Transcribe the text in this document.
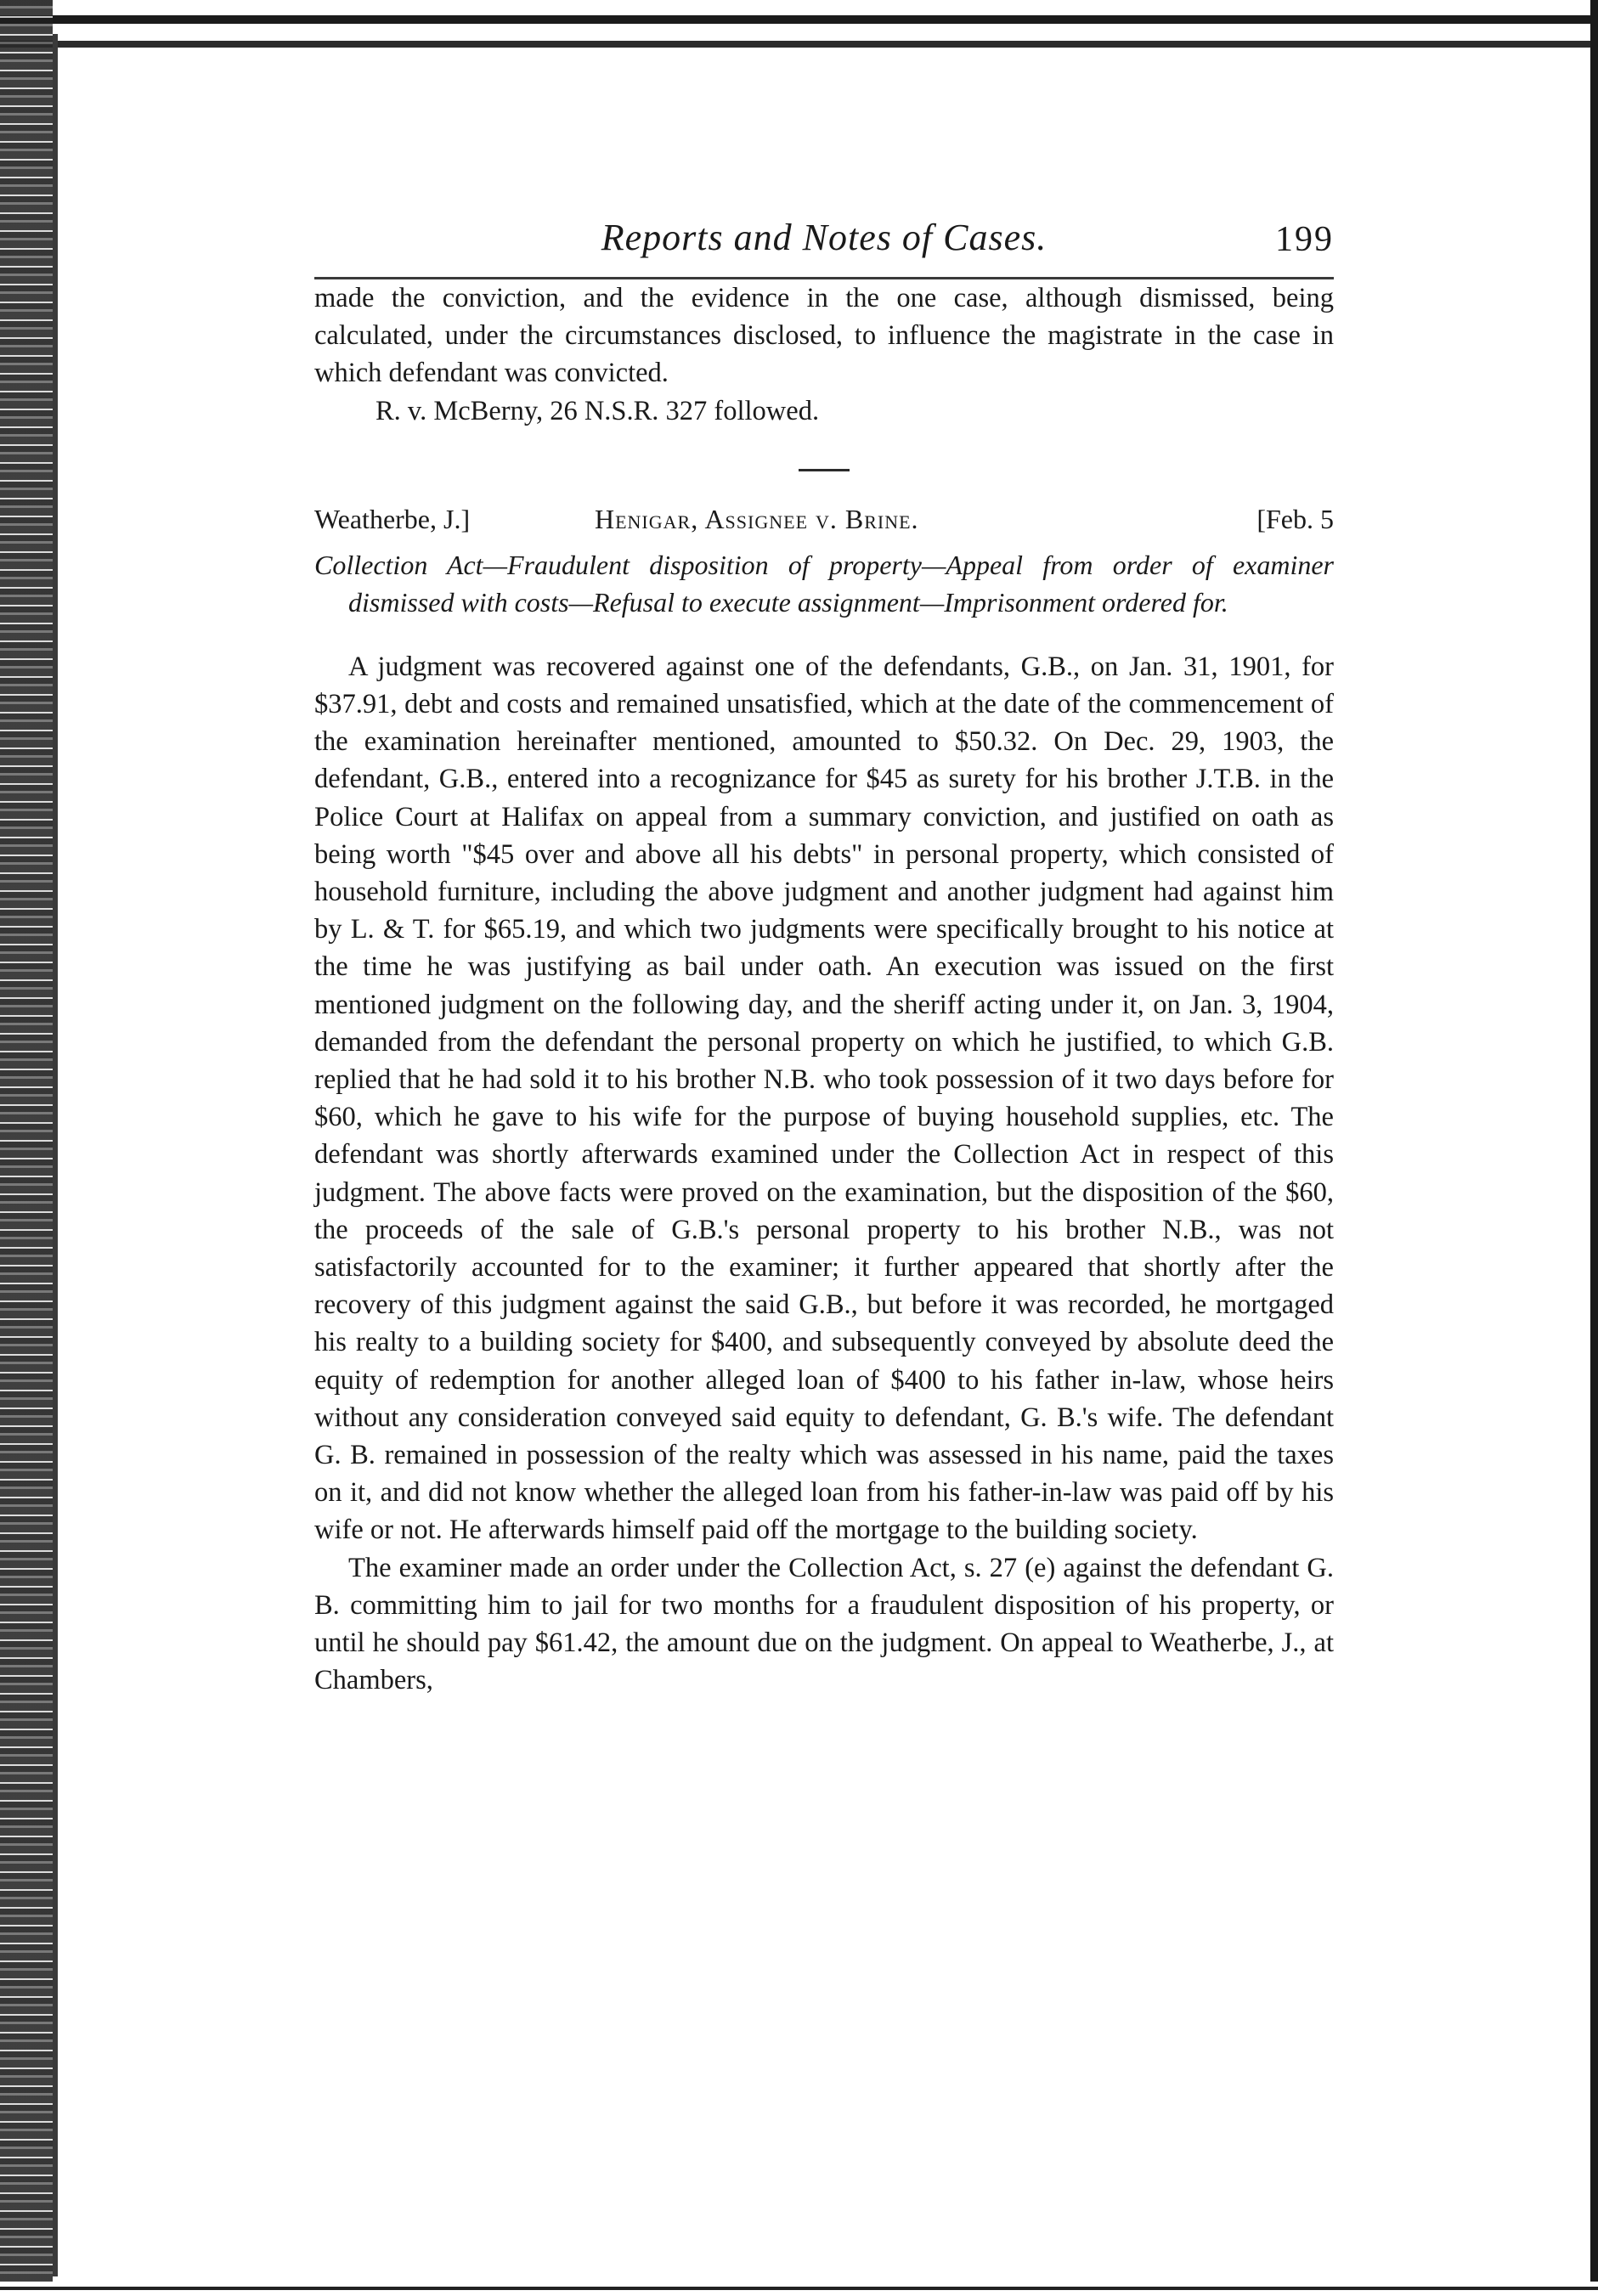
Reports and Notes of Cases.	199

made the conviction, and the evidence in the one case, although dismissed, being calculated, under the circumstances disclosed, to influence the magistrate in the case in which defendant was convicted.

R. v. McBerny, 26 N.S.R. 327 followed.

Weatherbe, J.]	Henigar, Assignee v. Brine.	[Feb. 5

Collection Act—Fraudulent disposition of property—Appeal from order of examiner dismissed with costs—Refusal to execute assignment—Imprisonment ordered for.

A judgment was recovered against one of the defendants, G.B., on Jan. 31, 1901, for $37.91, debt and costs and remained unsatisfied, which at the date of the commencement of the examination hereinafter mentioned, amounted to $50.32. On Dec. 29, 1903, the defendant, G.B., entered into a recognizance for $45 as surety for his brother J.T.B. in the Police Court at Halifax on appeal from a summary conviction, and justified on oath as being worth "$45 over and above all his debts" in personal property, which consisted of household furniture, including the above judgment and another judgment had against him by L. & T. for $65.19, and which two judgments were specifically brought to his notice at the time he was justifying as bail under oath. An execution was issued on the first mentioned judgment on the following day, and the sheriff acting under it, on Jan. 3, 1904, demanded from the defendant the personal property on which he justified, to which G.B. replied that he had sold it to his brother N.B. who took possession of it two days before for $60, which he gave to his wife for the purpose of buying household supplies, etc. The defendant was shortly afterwards examined under the Collection Act in respect of this judgment. The above facts were proved on the examination, but the disposition of the $60, the proceeds of the sale of G.B.'s personal property to his brother N.B., was not satisfactorily accounted for to the examiner; it further appeared that shortly after the recovery of this judgment against the said G.B., but before it was recorded, he mortgaged his realty to a building society for $400, and subsequently conveyed by absolute deed the equity of redemption for another alleged loan of $400 to his father in-law, whose heirs without any consideration conveyed said equity to defendant, G. B.'s wife. The defendant G. B. remained in possession of the realty which was assessed in his name, paid the taxes on it, and did not know whether the alleged loan from his father-in-law was paid off by his wife or not. He afterwards himself paid off the mortgage to the building society.

The examiner made an order under the Collection Act, s. 27 (e) against the defendant G. B. committing him to jail for two months for a fraudulent disposition of his property, or until he should pay $61.42, the amount due on the judgment. On appeal to Weatherbe, J., at Chambers,
